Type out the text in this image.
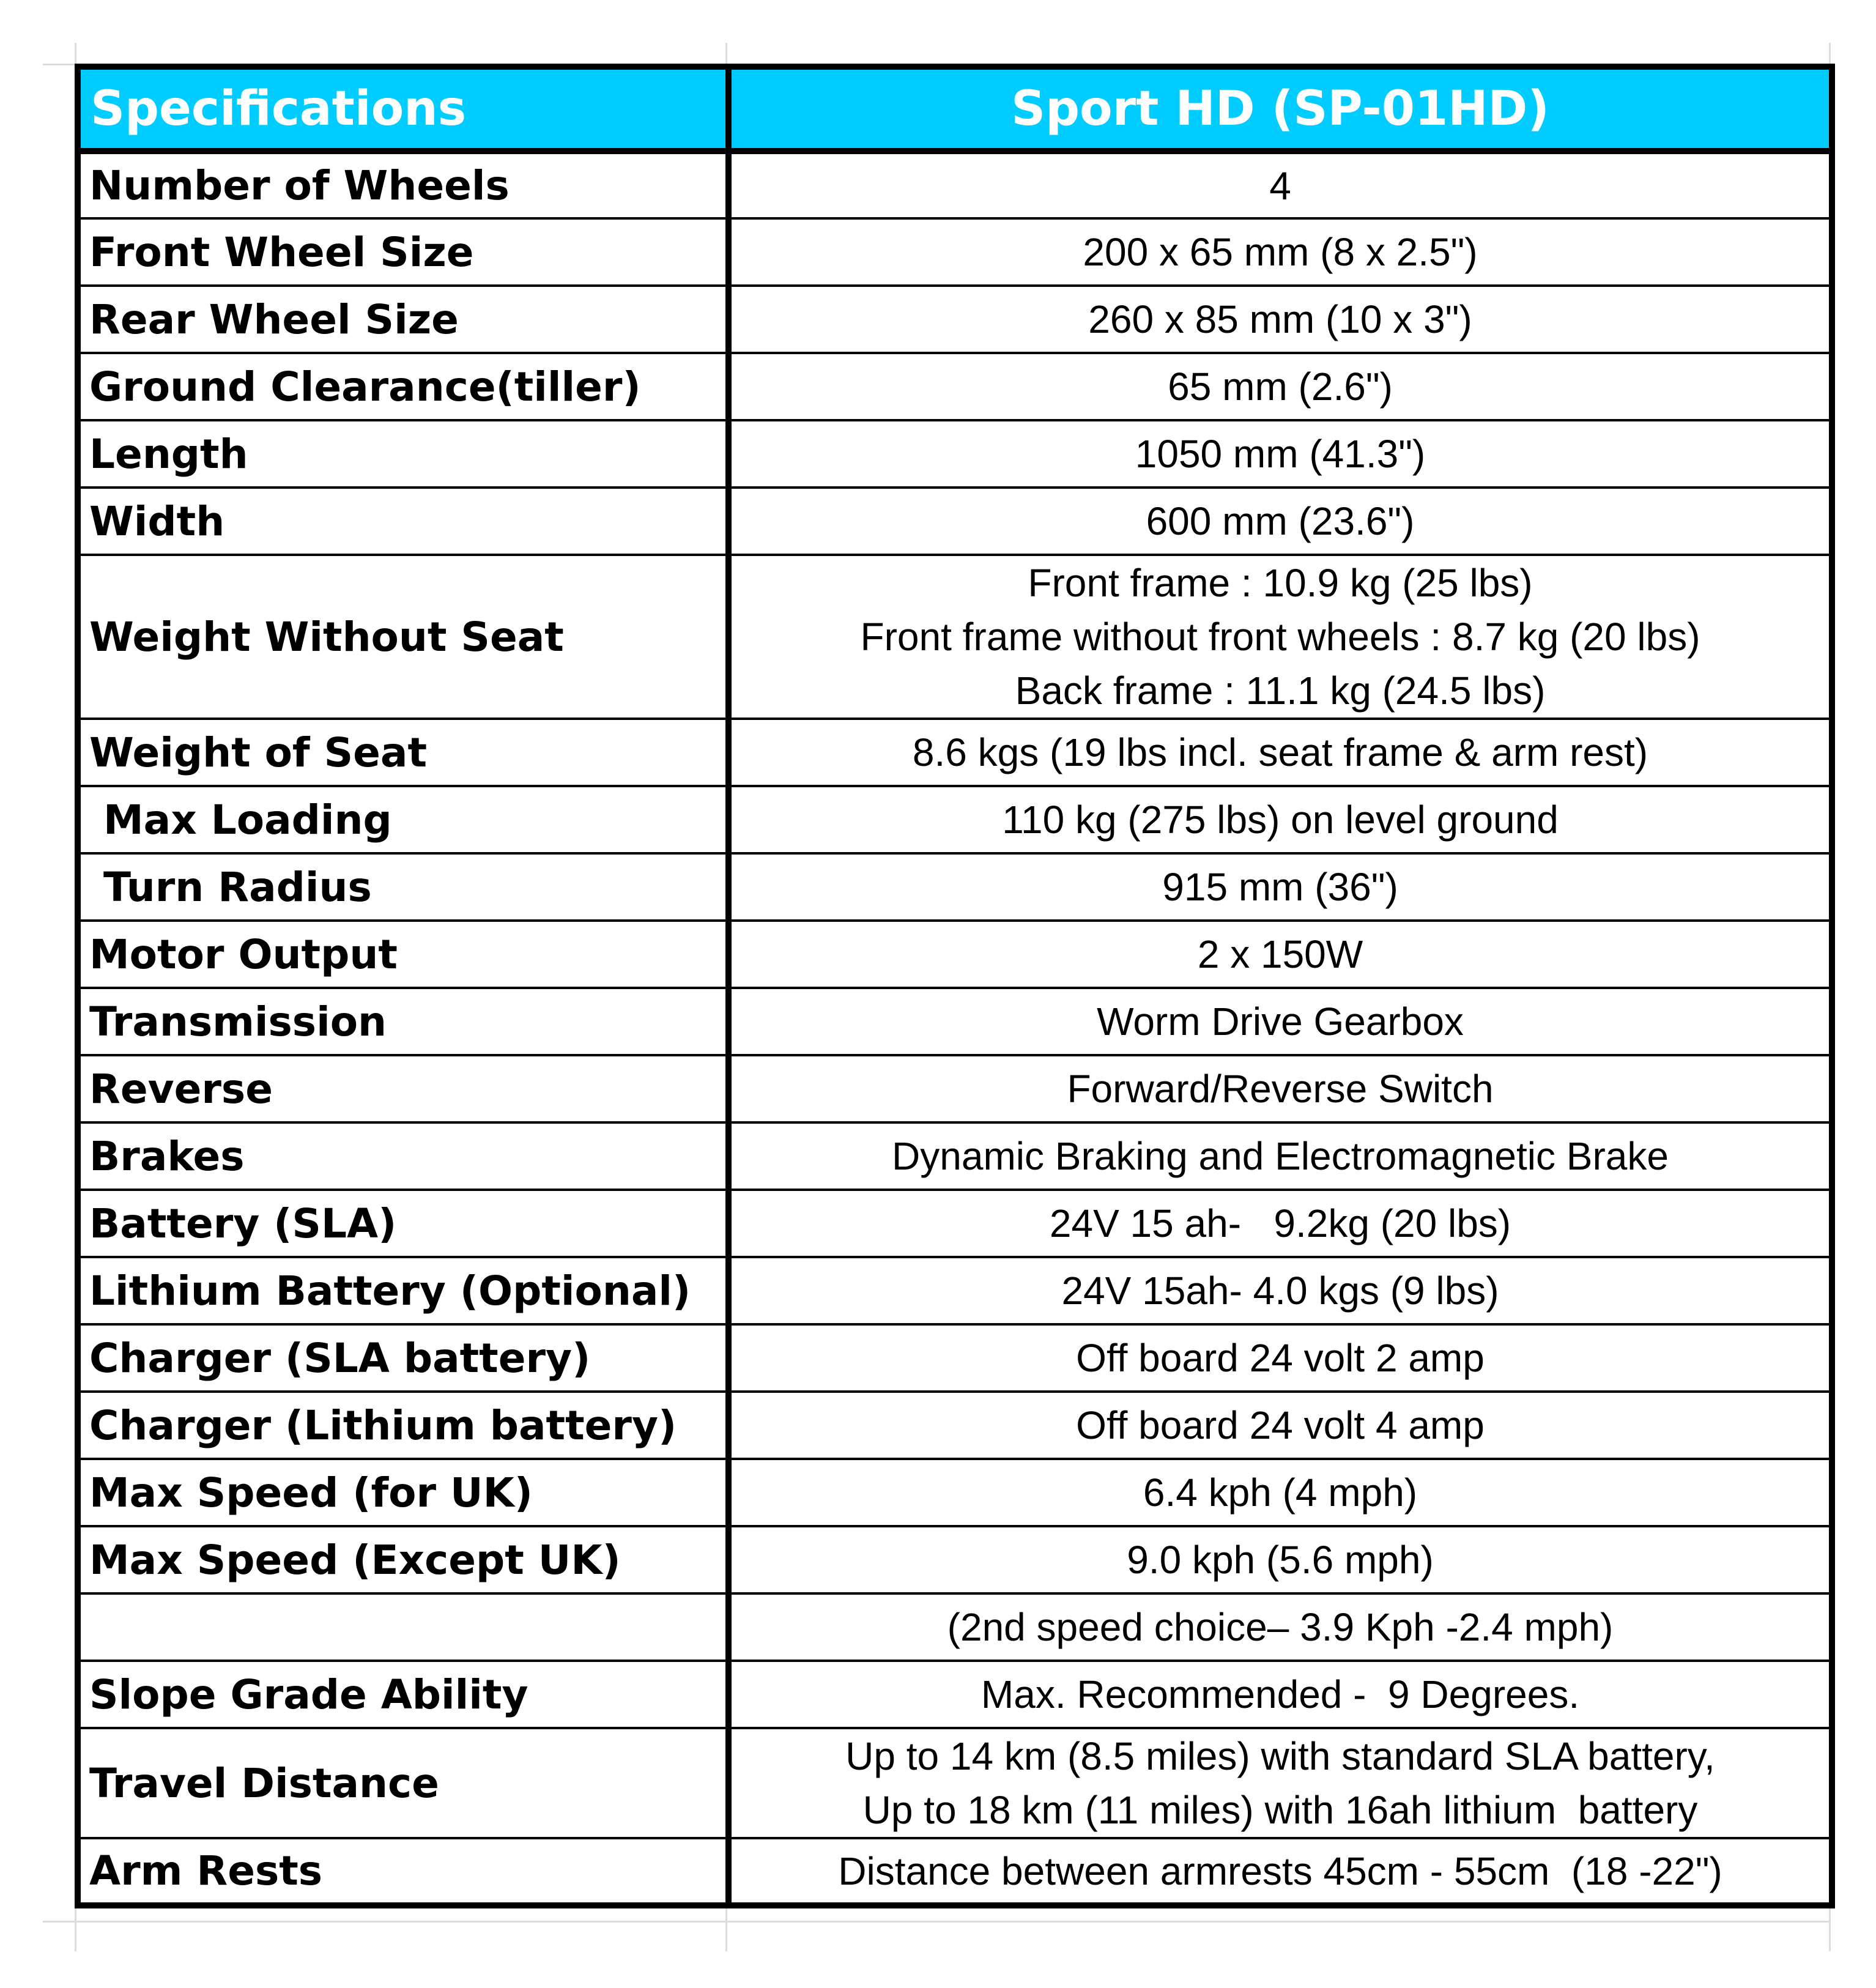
Specifications	Sport HD (SP-01HD)
Number of Wheels	4

Front Wheel Size	200 x 65 mm (8 x 2.5")

Rear Wheel Size	260 x 85 mm (10 x 3")

Ground Clearance(tiller)	65 mm (2.6")

Length	1050 mm (41.3")

Width	600 mm (23.6")

Weight Without Seat	Front frame : 10.9 kg (25 lbs)
Front frame without front wheels : 8.7 kg (20 lbs)
Back frame : 11.1 kg (24.5 lbs)

Weight of Seat	8.6 kgs (19 lbs incl. seat frame & arm rest)

Max Loading	110 kg (275 lbs) on level ground

Turn Radius	915 mm (36")

Motor Output	2 x 150W

Transmission	Worm Drive Gearbox

Reverse	Forward/Reverse Switch

Brakes	Dynamic Braking and Electromagnetic Brake

Battery (SLA)	24V 15 ah-   9.2kg (20 lbs)

Lithium Battery (Optional)	24V 15ah- 4.0 kgs (9 lbs)

Charger (SLA battery)	Off board 24 volt 2 amp

Charger (Lithium battery)	Off board 24 volt 4 amp

Max Speed (for UK)	6.4 kph (4 mph)

Max Speed (Except UK)	9.0 kph (5.6 mph)

	(2nd speed choice– 3.9 Kph -2.4 mph)

Slope Grade Ability	Max. Recommended -  9 Degrees.

Travel Distance	Up to 14 km (8.5 miles) with standard SLA battery,
Up to 18 km (11 miles) with 16ah lithium  battery

Arm Rests	Distance between armrests 45cm - 55cm  (18 -22")
